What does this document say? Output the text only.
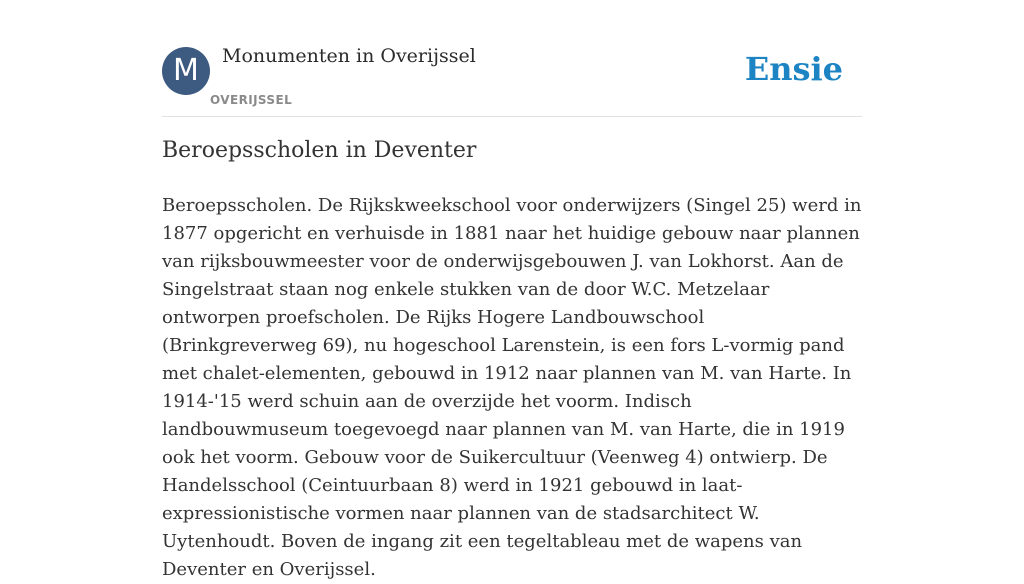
M	Monumenten in Overijssel
OVERIJSSEL
Ensie
Beroepsscholen in Deventer

Beroepsscholen. De Rijkskweekschool voor onderwijzers (Singel 25) werd in 1877 opgericht en verhuisde in 1881 naar het huidige gebouw naar plannen van rijksbouwmeester voor de onderwijsgebouwen J. van Lokhorst. Aan de Singelstraat staan nog enkele stukken van de door W.C. Metzelaar ontworpen proefscholen. De Rijks Hogere Landbouwschool (Brinkgreverweg 69), nu hogeschool Larenstein, is een fors L-vormig pand met chalet-elementen, gebouwd in 1912 naar plannen van M. van Harte. In 1914-'15 werd schuin aan de overzijde het voorm. Indisch landbouwmuseum toegevoegd naar plannen van M. van Harte, die in 1919 ook het voorm. Gebouw voor de Suikercultuur (Veenweg 4) ontwierp. De Handelsschool (Ceintuurbaan 8) werd in 1921 gebouwd in laat-expressionistische vormen naar plannen van de stadsarchitect W. Uytenhoudt. Boven de ingang zit een tegeltableau met de wapens van Deventer en Overijssel.
